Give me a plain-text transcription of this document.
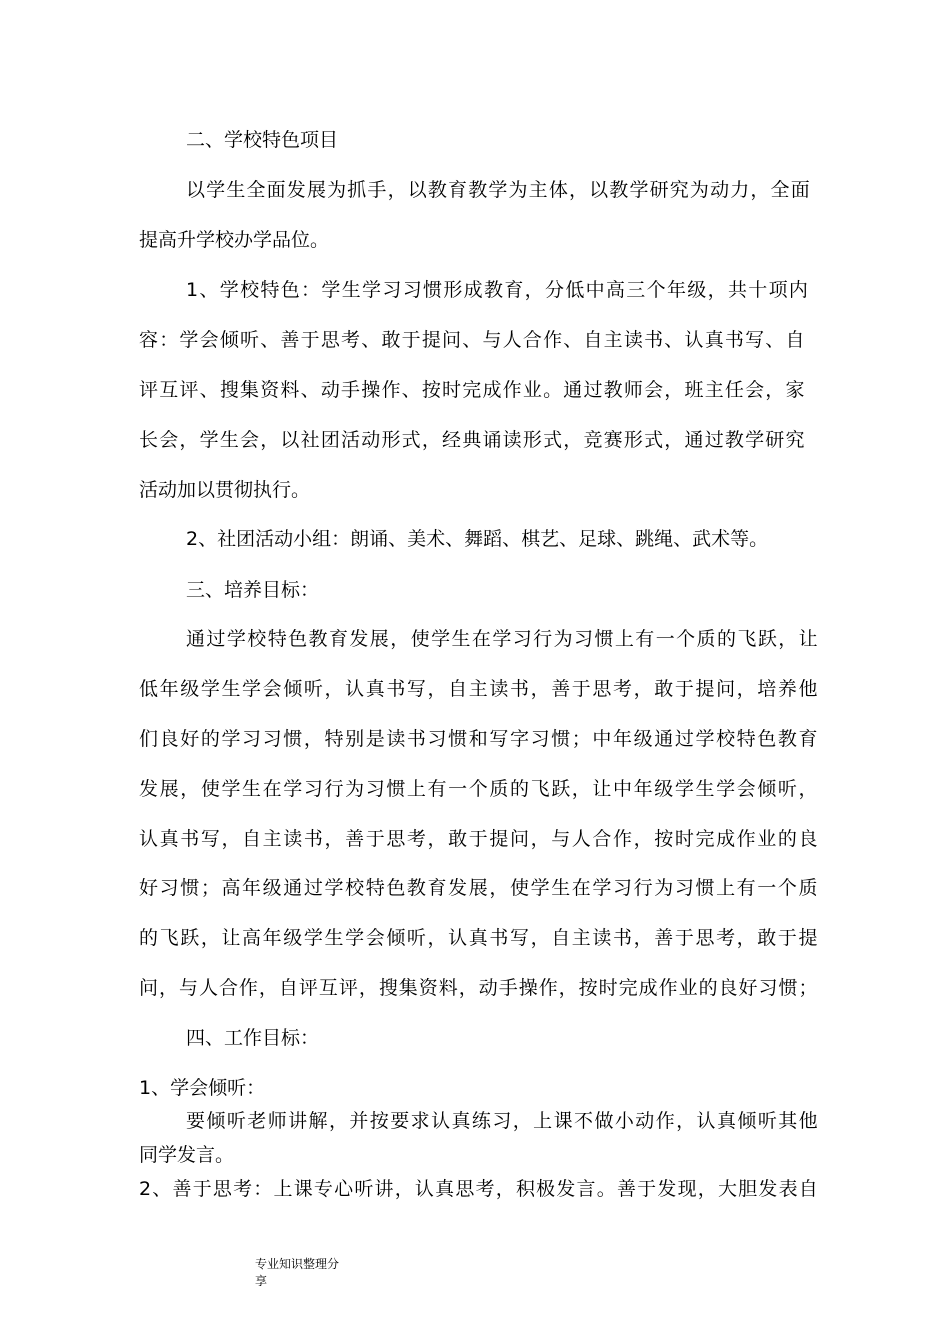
二、学校特色项目

以 学 生 全 面 发 展 为 抓 手 ， 以 教 育 教 学 为 主 体 ， 以 教 学 研 究 为 动 力 ， 全 面

提高升学校办学品位。

1 、 学 校 特 色 ： 学 生 学 习 习 惯 形 成 教 育 ， 分 低 中 高 三 个 年 级 ， 共 十 项 内

容 ： 学 会 倾 听 、 善 于 思 考 、 敢 于 提 问 、 与 人 合 作 、 自 主 读 书 、 认 真 书 写 、 自

评 互 评 、 搜 集 资 料 、 动 手 操 作 、 按 时 完 成 作 业 。 通 过 教 师 会 ， 班 主 任 会 ， 家

长 会 ， 学 生 会 ， 以 社 团 活 动 形 式 ， 经 典 诵 读 形 式 ， 竞 赛 形 式 ， 通 过 教 学 研 究

活动加以贯彻执行。

2、社团活动小组：朗诵、美术、舞蹈、棋艺、足球、跳绳、武术等。

三、培养目标：

通 过 学 校 特 色 教 育 发 展 ， 使 学 生 在 学 习 行 为 习 惯 上 有 一 个 质 的 飞 跃 ， 让

低 年 级 学 生 学 会 倾 听 ， 认 真 书 写 ， 自 主 读 书 ， 善 于 思 考 ， 敢 于 提 问 ， 培 养 他

们 良 好 的 学 习 习 惯 ， 特 别 是 读 书 习 惯 和 写 字 习 惯 ； 中 年 级 通 过 学 校 特 色 教 育

发 展 ， 使 学 生 在 学 习 行 为 习 惯 上 有 一 个 质 的 飞 跃 ， 让 中 年 级 学 生 学 会 倾 听 ，

认 真 书 写 ， 自 主 读 书 ， 善 于 思 考 ， 敢 于 提 问 ， 与 人 合 作 ， 按 时 完 成 作 业 的 良

好 习 惯 ； 高 年 级 通 过 学 校 特 色 教 育 发 展 ， 使 学 生 在 学 习 行 为 习 惯 上 有 一 个 质

的 飞 跃 ， 让 高 年 级 学 生 学 会 倾 听 ， 认 真 书 写 ， 自 主 读 书 ， 善 于 思 考 ， 敢 于 提

问 ， 与 人 合 作 ， 自 评 互 评 ， 搜 集 资 料 ， 动 手 操 作 ， 按 时 完 成 作 业 的 良 好 习 惯 ；

四、工作目标：

1、学会倾听：

要 倾 听 老 师 讲 解 ， 并 按 要 求 认 真 练 习 ， 上 课 不 做 小 动 作 ， 认 真 倾 听 其 他

同学发言。

2 、 善 于 思 考 ： 上 课 专 心 听 讲 ， 认 真 思 考 ， 积 极 发 言 。 善 于 发 现 ， 大 胆 发 表 自

专业知识整理分
享
